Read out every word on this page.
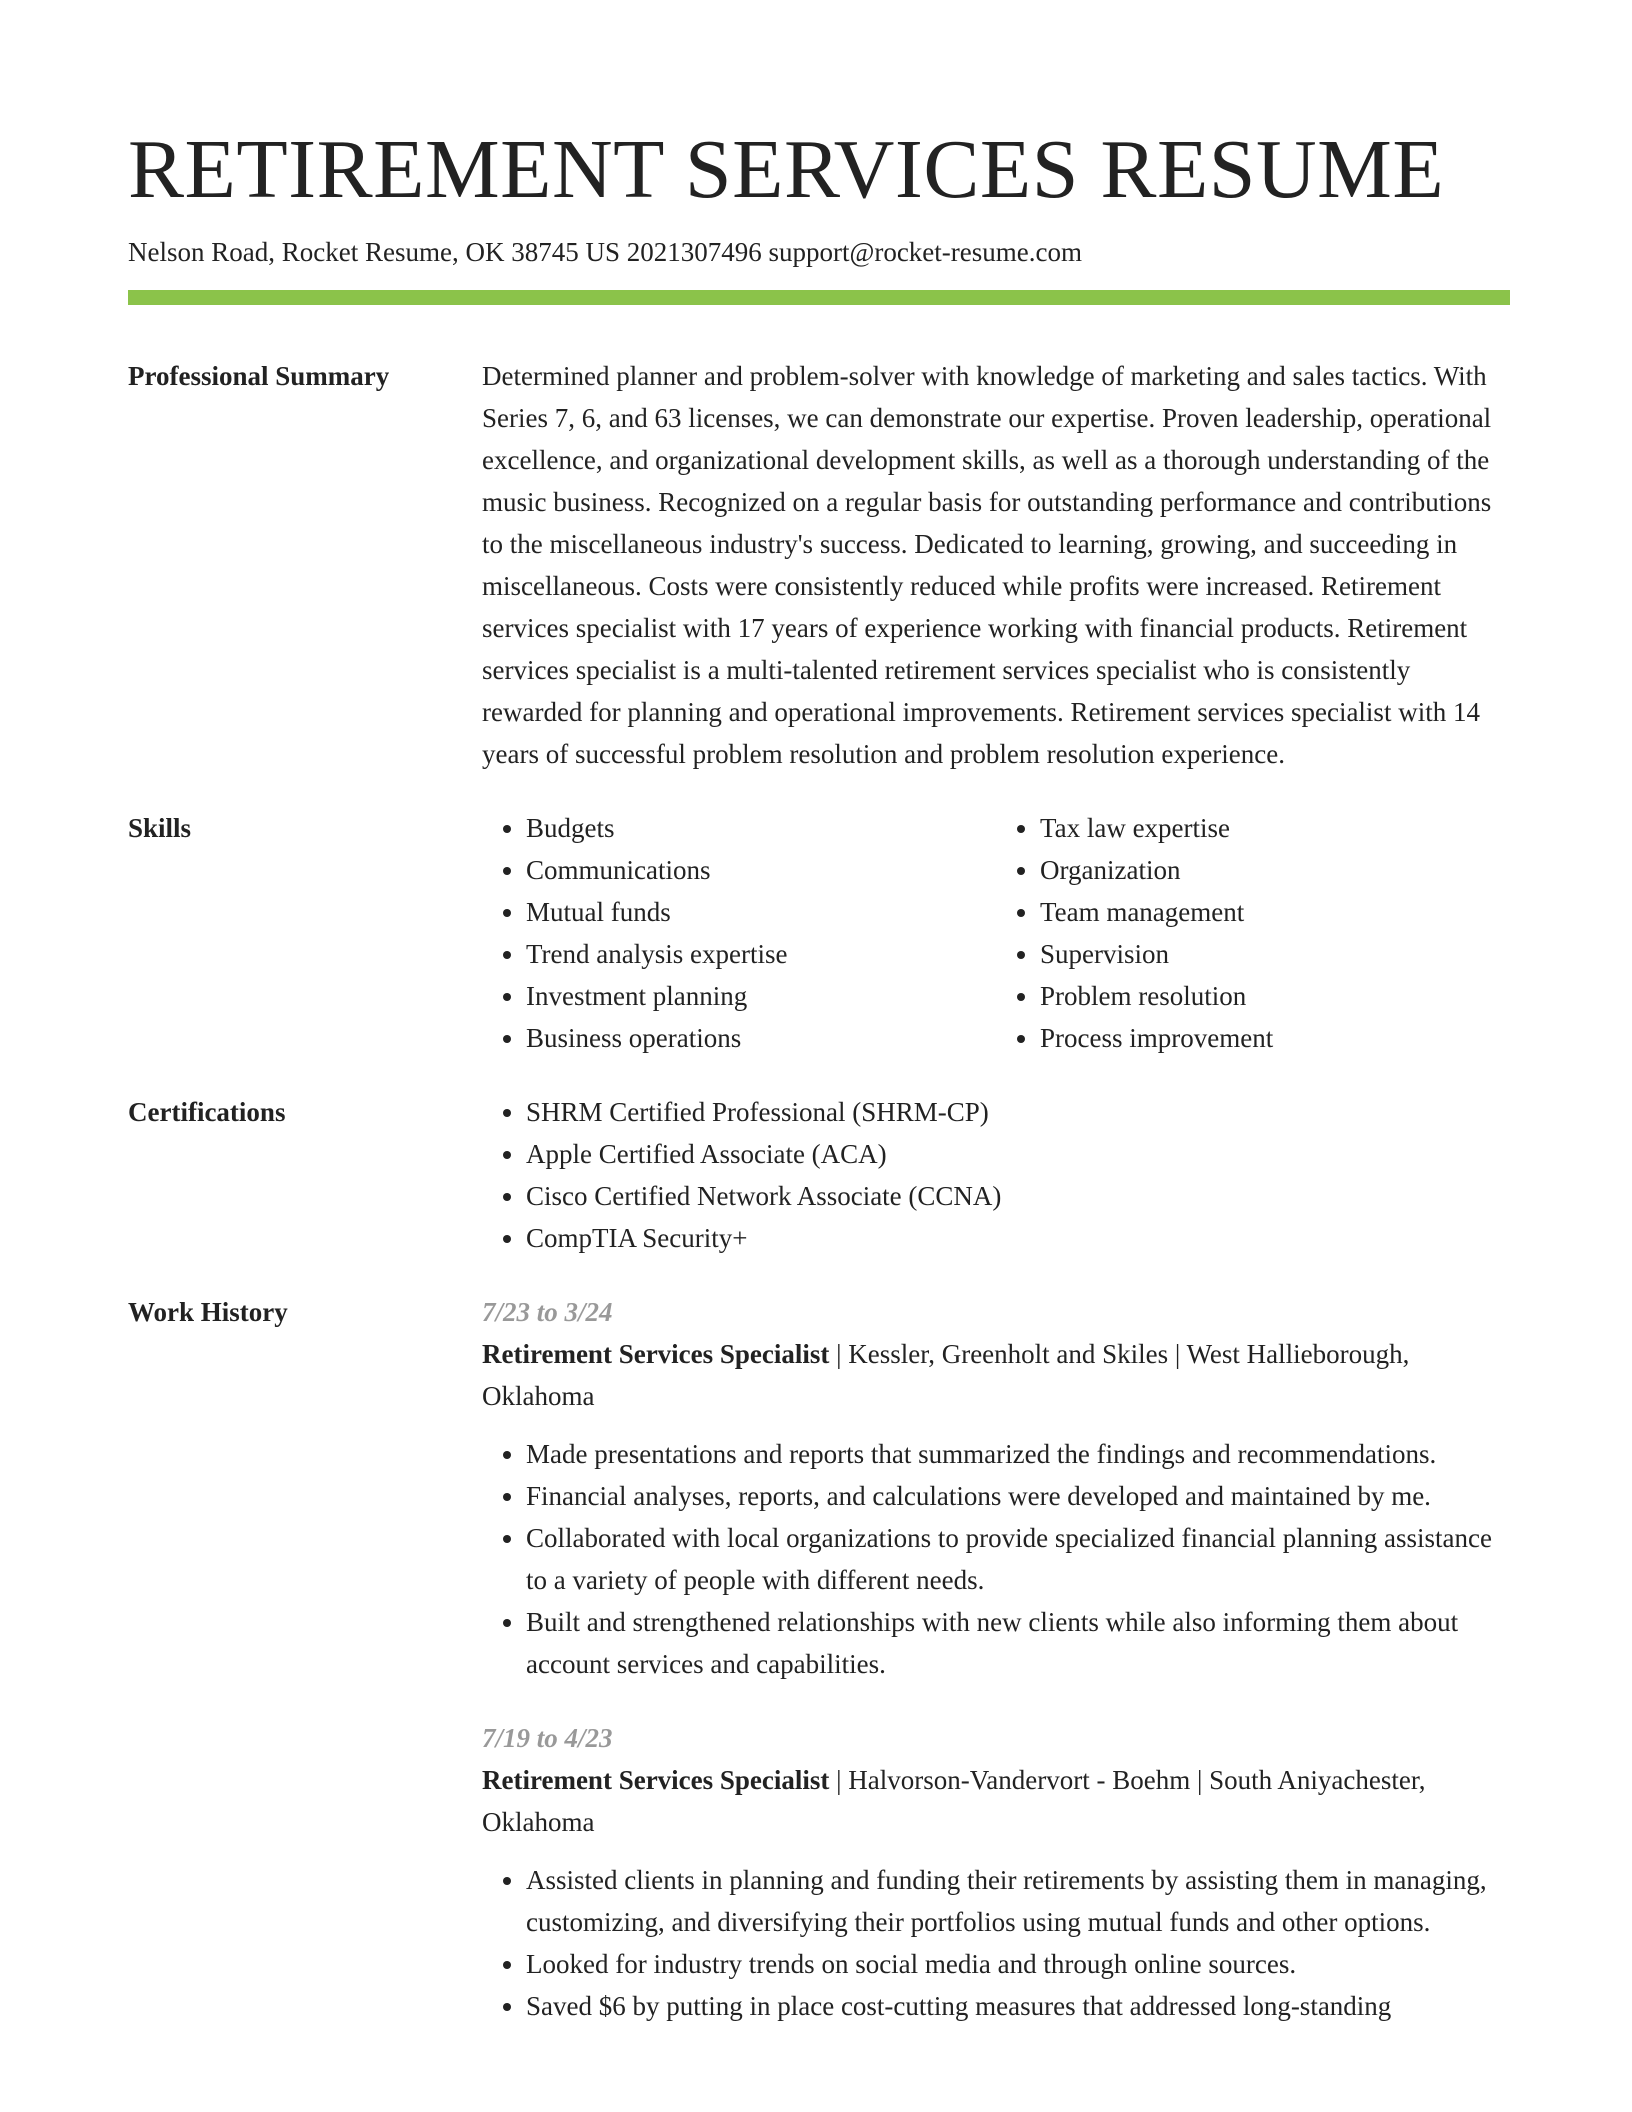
RETIREMENT SERVICES RESUME
Nelson Road, Rocket Resume, OK 38745 US 2021307496 support@rocket-resume.com
Professional Summary	Determined planner and problem-solver with knowledge of marketing and sales tactics. With Series 7, 6, and 63 licenses, we can demonstrate our expertise. Proven leadership, operational excellence, and organizational development skills, as well as a thorough understanding of the music business. Recognized on a regular basis for outstanding performance and contributions to the miscellaneous industry's success. Dedicated to learning, growing, and succeeding in miscellaneous. Costs were consistently reduced while profits were increased. Retirement services specialist with 17 years of experience working with financial products. Retirement services specialist is a multi-talented retirement services specialist who is consistently rewarded for planning and operational improvements. Retirement services specialist with 14 years of successful problem resolution and problem resolution experience.

Skills	• Budgets
• Communications
• Mutual funds
• Trend analysis expertise
• Investment planning
• Business operations
• Tax law expertise
• Organization
• Team management
• Supervision
• Problem resolution
• Process improvement
Certifications	• SHRM Certified Professional (SHRM-CP)
• Apple Certified Associate (ACA)
• Cisco Certified Network Associate (CCNA)
• CompTIA Security+
Work History	7/23 to 3/24
Retirement Services Specialist | Kessler, Greenholt and Skiles | West Hallieborough, Oklahoma
• Made presentations and reports that summarized the findings and recommendations.
• Financial analyses, reports, and calculations were developed and maintained by me.
• Collaborated with local organizations to provide specialized financial planning assistance to a variety of people with different needs.
• Built and strengthened relationships with new clients while also informing them about account services and capabilities.
7/19 to 4/23
Retirement Services Specialist | Halvorson-Vandervort - Boehm | South Aniyachester, Oklahoma
• Assisted clients in planning and funding their retirements by assisting them in managing, customizing, and diversifying their portfolios using mutual funds and other options.
• Looked for industry trends on social media and through online sources.
• Saved $6 by putting in place cost-cutting measures that addressed long-standing
